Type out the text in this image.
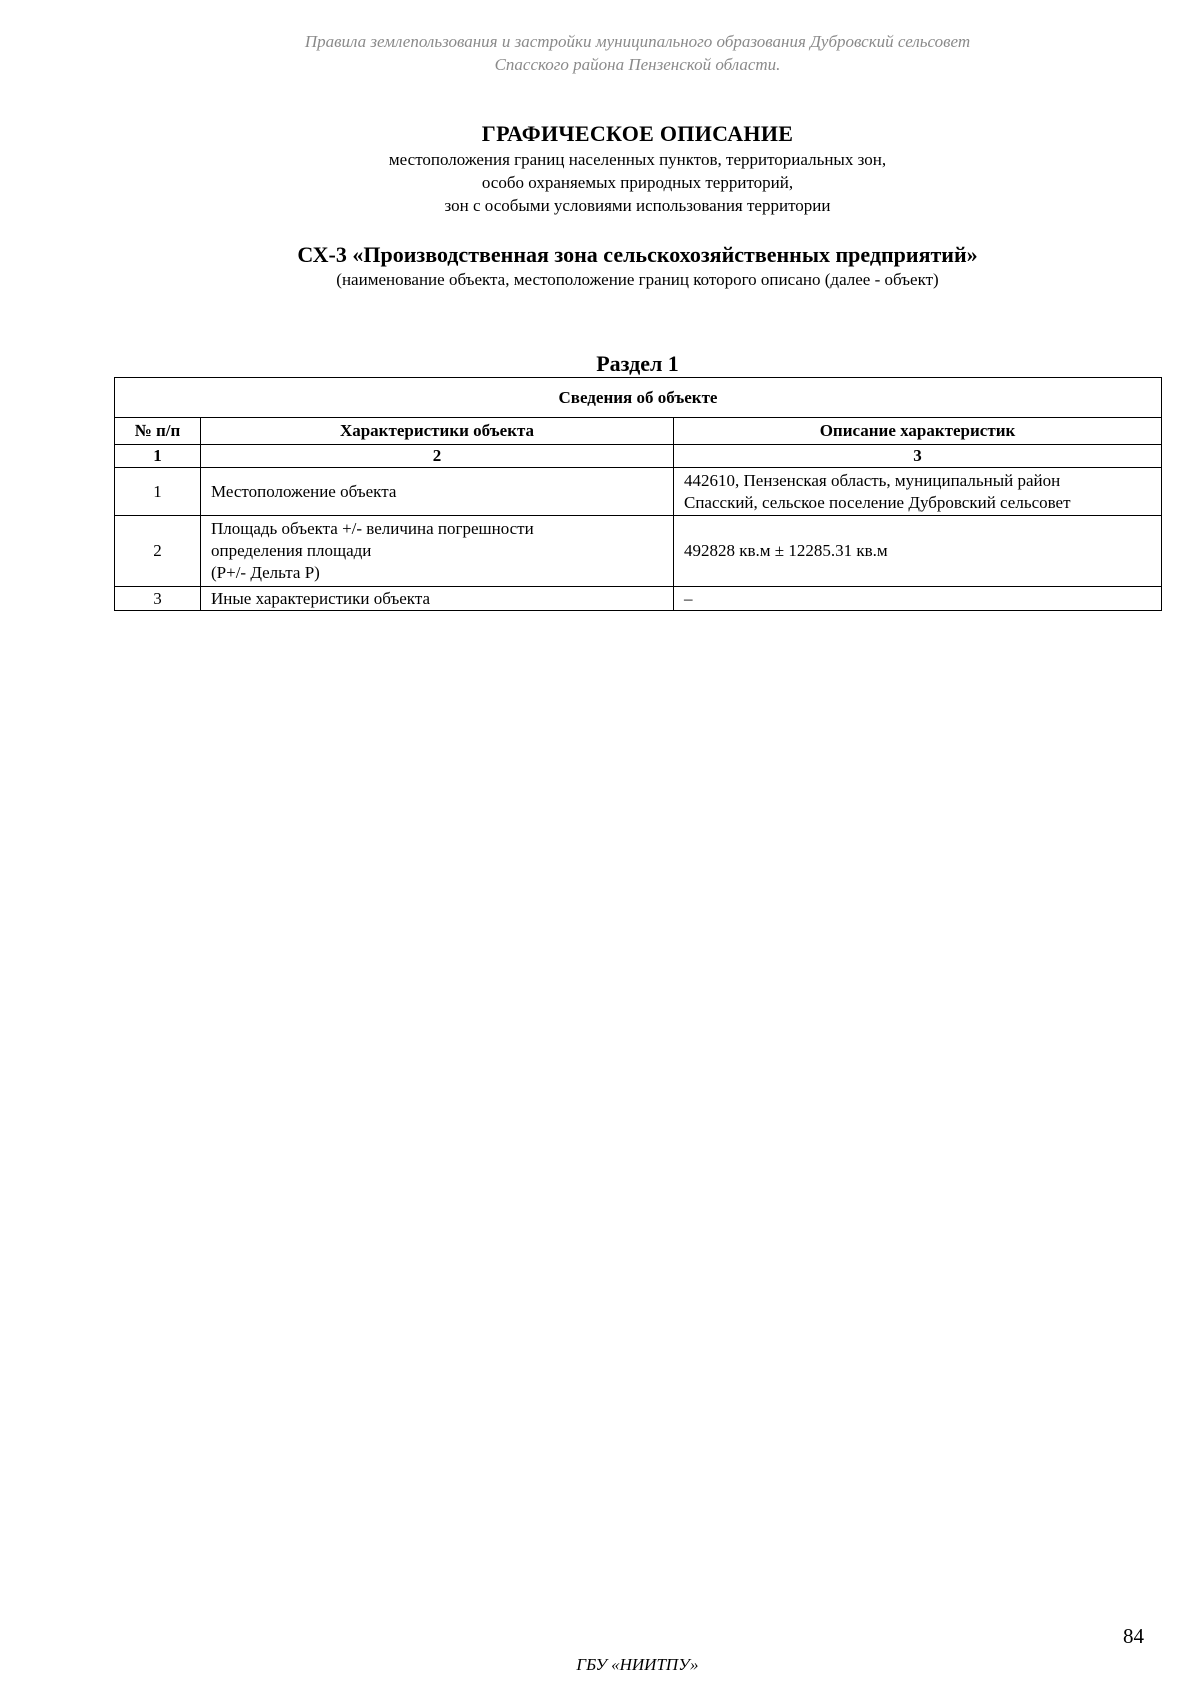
Правила землепользования и застройки муниципального образования Дубровский сельсовет
Спасского района Пензенской области.
ГРАФИЧЕСКОЕ ОПИСАНИЕ
местоположения границ населенных пунктов, территориальных зон,
особо охраняемых природных территорий,
зон с особыми условиями использования территории
СХ-3 «Производственная зона сельскохозяйственных предприятий»
(наименование объекта, местоположение границ которого описано (далее - объект)
Раздел 1
Сведения об объекте		
№ п/п	Характеристики объекта	Описание характеристик
1	2	3
1	Местоположение объекта	442610, Пензенская область, муниципальный район
Спасский, сельское поселение Дубровский сельсовет

2	Площадь объекта +/- величина погрешности
определения площади
(P+/- Дельта P)	492828 кв.м ± 12285.31 кв.м

3	Иные характеристики объекта	–
84
ГБУ «НИИТПУ»
